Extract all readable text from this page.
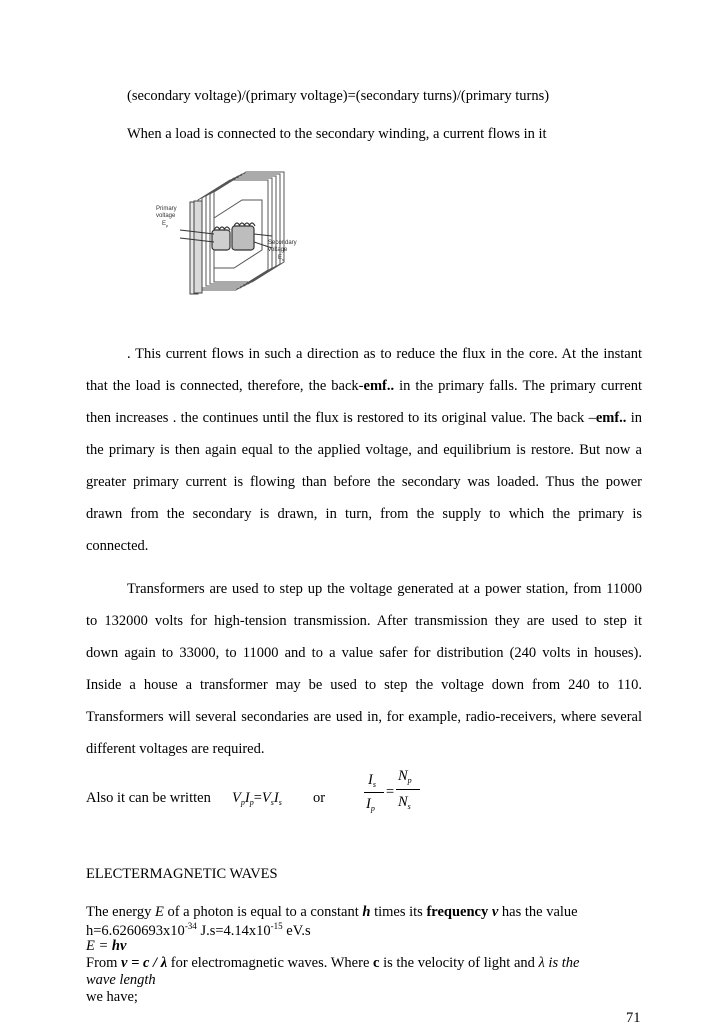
(secondary voltage)/(primary voltage)=(secondary turns)/(primary turns)
When a load is connected to the secondary winding, a current flows in it
Primary
voltage
E p
Secondary
voltage
E s
. This current flows in such a direction as to reduce the flux in the core. At the instant
that the load is connected, therefore, the back-emf.. in the primary falls. The primary current
then increases . the continues until the flux is restored to its original value. The back –emf.. in
the primary is then again equal to the applied voltage, and equilibrium is restore. But now a
greater primary current is flowing than before the secondary was loaded. Thus the power
drawn from the secondary is drawn, in turn, from the supply to which the primary is
connected.
Transformers are used to step up the voltage generated at a power station, from 11000
to 132000 volts for high-tension transmission. After transmission they are used to step it
down again to 33000, to 11000 and to a value safer for distribution (240 volts in houses).
Inside a house a transformer may be used to step the voltage down from 240 to 110.
Transformers will several secondaries are used in, for example, radio-receivers, where several
different voltages are required.
Also it can be written $V_pI_p=V_sI_s$ or
$I_s$
$I_p$
=
$N_p$
$N_s$
ELECTERMAGNETIC WAVES
The energy E of a photon is equal to a constant h times its frequency v has the value
$h=6.6260693x10^{-34}$ $J.s=4.14x10^{-15}$ eV.s
E = hv
From v = c / λ for electromagnetic waves. Where c is the velocity of light and λ is the
wave length
we have;
71
